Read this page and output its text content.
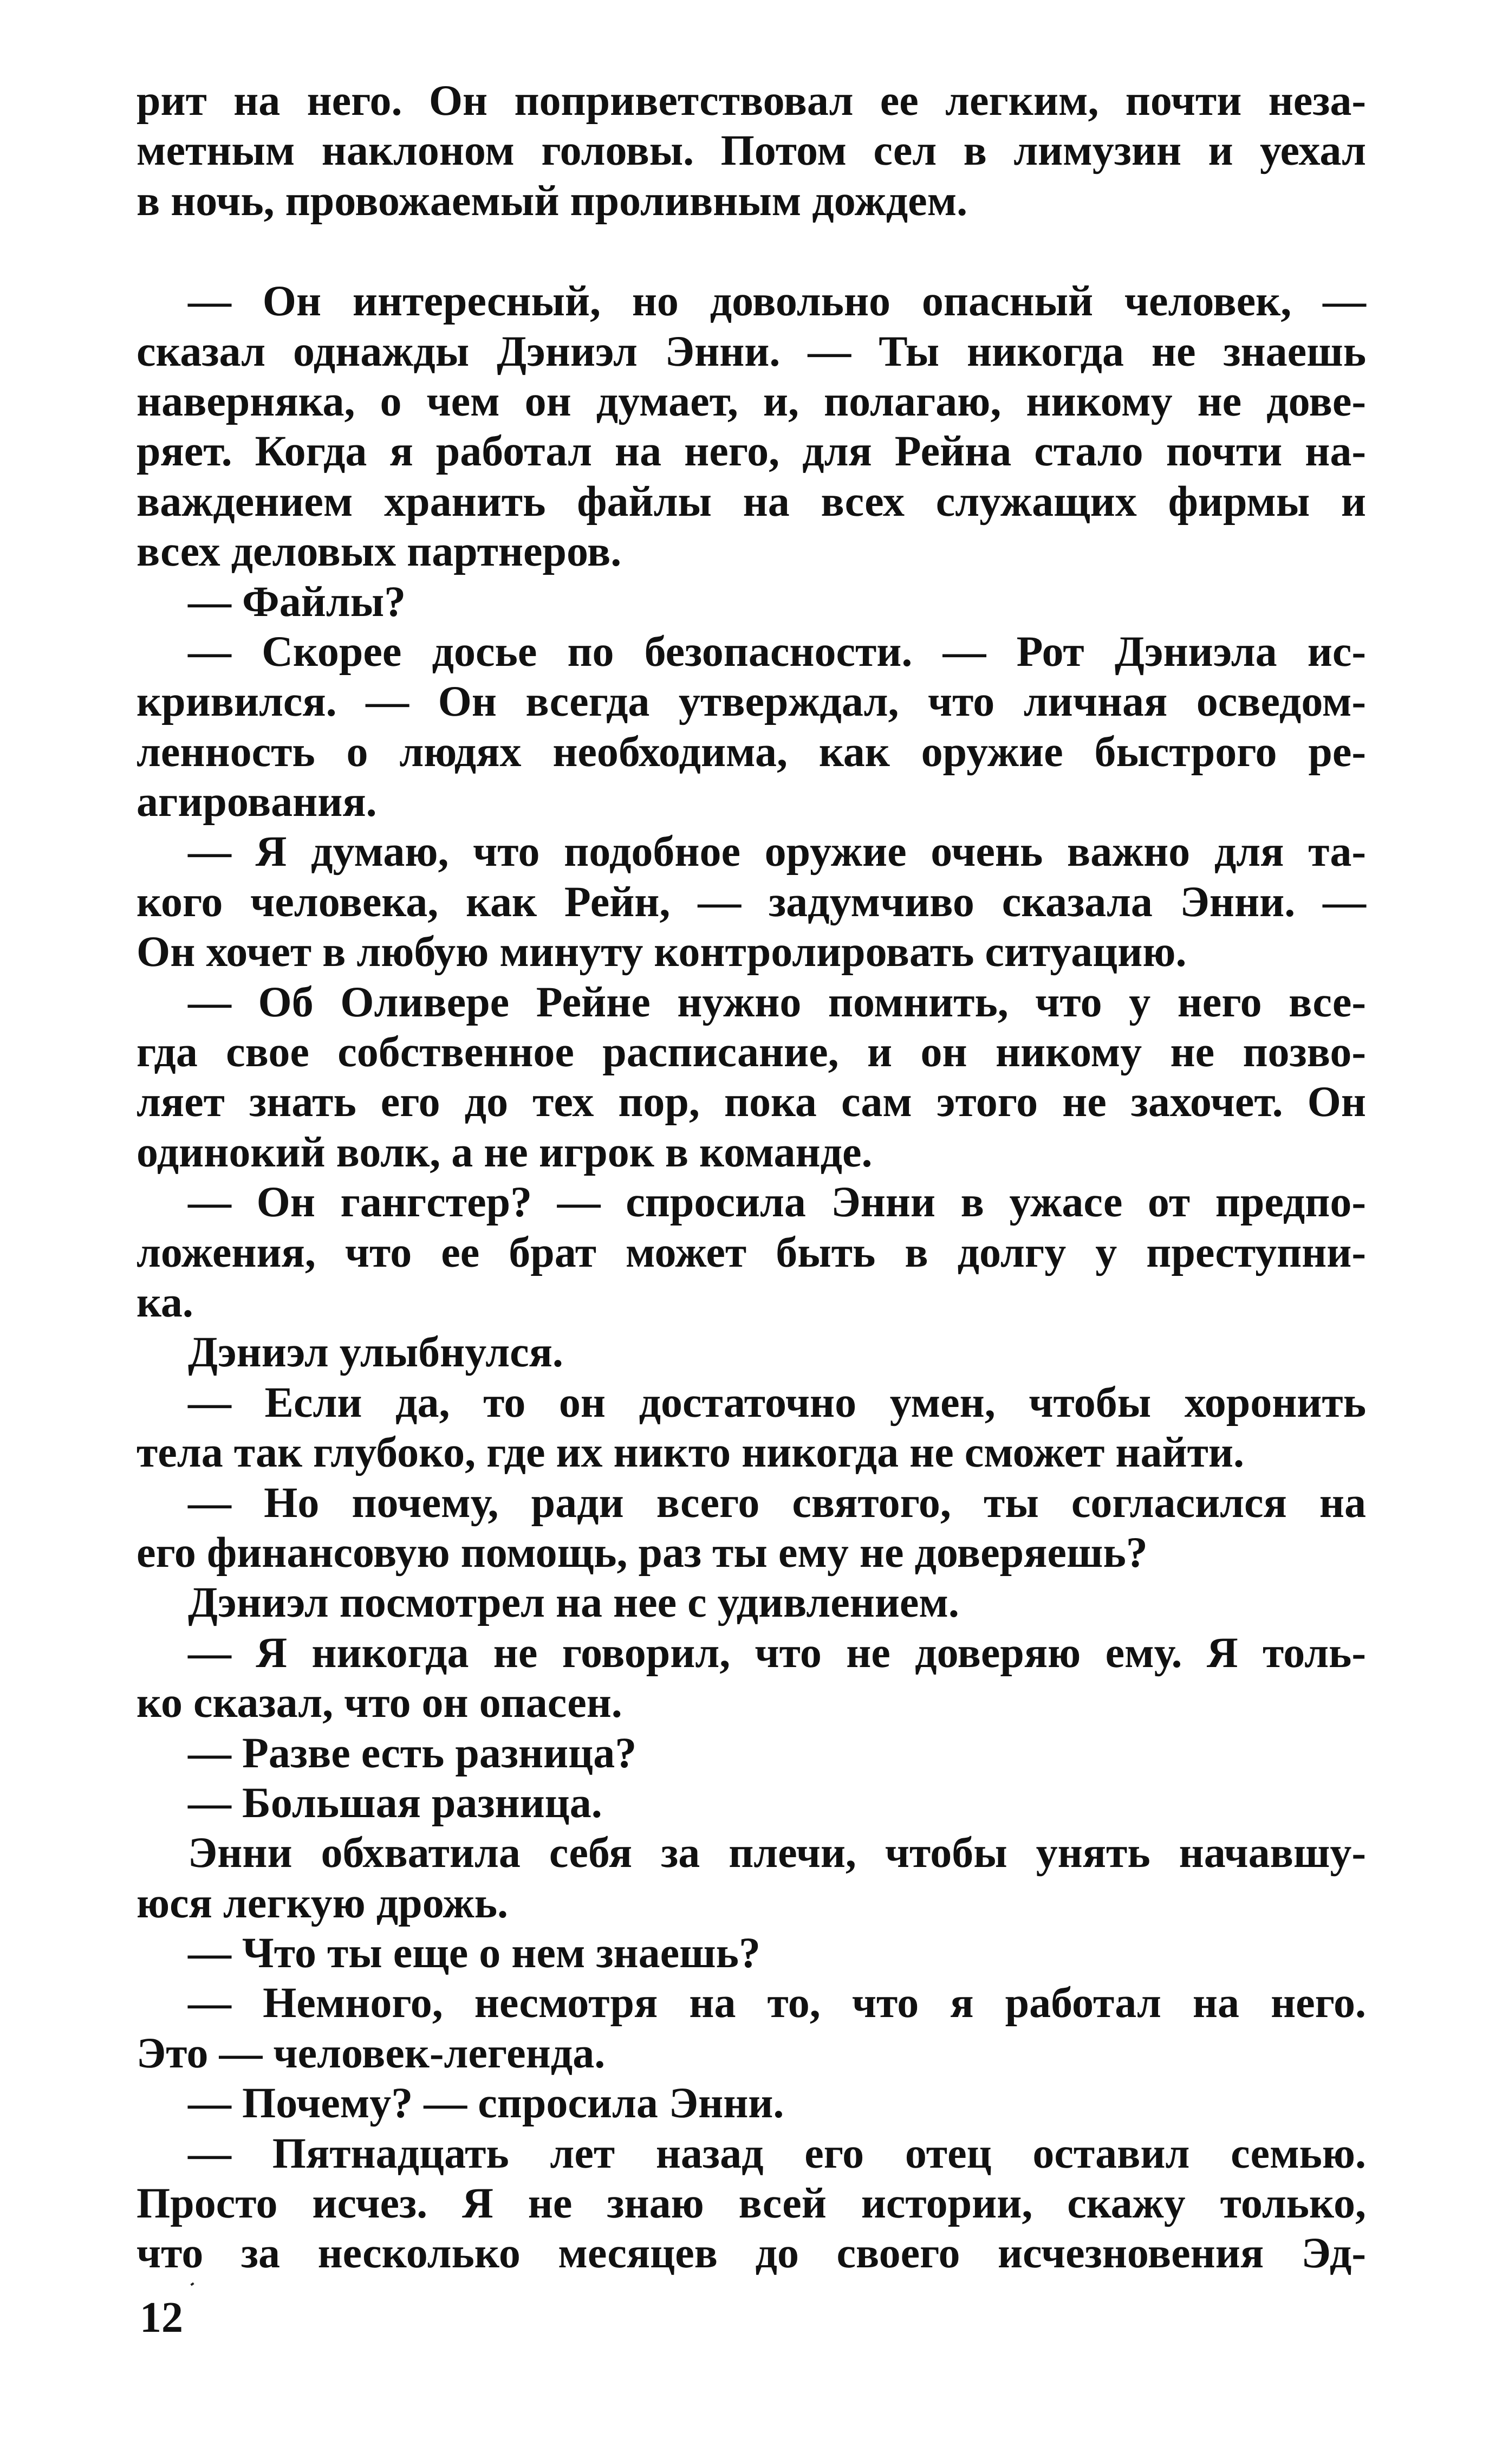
рит на него. Он поприветствовал ее легким, почти неза-
метным наклоном головы. Потом сел в лимузин и уехал
в ночь, провожаемый проливным дождем.
— Он интересный, но довольно опасный человек, —
сказал однажды Дэниэл Энни. — Ты никогда не знаешь
наверняка, о чем он думает, и, полагаю, никому не дове-
ряет. Когда я работал на него, для Рейна стало почти на-
важдением хранить файлы на всех служащих фирмы и
всех деловых партнеров.
— Файлы?
— Скорее досье по безопасности. — Рот Дэниэла ис-
кривился. — Он всегда утверждал, что личная осведом-
ленность о людях необходима, как оружие быстрого ре-
агирования.
— Я думаю, что подобное оружие очень важно для та-
кого человека, как Рейн, — задумчиво сказала Энни. —
Он хочет в любую минуту контролировать ситуацию.
— Об Оливере Рейне нужно помнить, что у него все-
гда свое собственное расписание, и он никому не позво-
ляет знать его до тех пор, пока сам этого не захочет. Он
одинокий волк, а не игрок в команде.
— Он гангстер? — спросила Энни в ужасе от предпо-
ложения, что ее брат может быть в долгу у преступни-
ка.
Дэниэл улыбнулся.
— Если да, то он достаточно умен, чтобы хоронить
тела так глубоко, где их никто никогда не сможет найти.
— Но почему, ради всего святого, ты согласился на
его финансовую помощь, раз ты ему не доверяешь?
Дэниэл посмотрел на нее с удивлением.
— Я никогда не говорил, что не доверяю ему. Я толь-
ко сказал, что он опасен.
— Разве есть разница?
— Большая разница.
Энни обхватила себя за плечи, чтобы унять начавшу-
юся легкую дрожь.
— Что ты еще о нем знаешь?
— Немного, несмотря на то, что я работал на него.
Это — человек-легенда.
— Почему? — спросила Энни.
— Пятнадцать лет назад его отец оставил семью.
Просто исчез. Я не знаю всей истории, скажу только,
что за несколько месяцев до своего исчезновения Эд-
12
